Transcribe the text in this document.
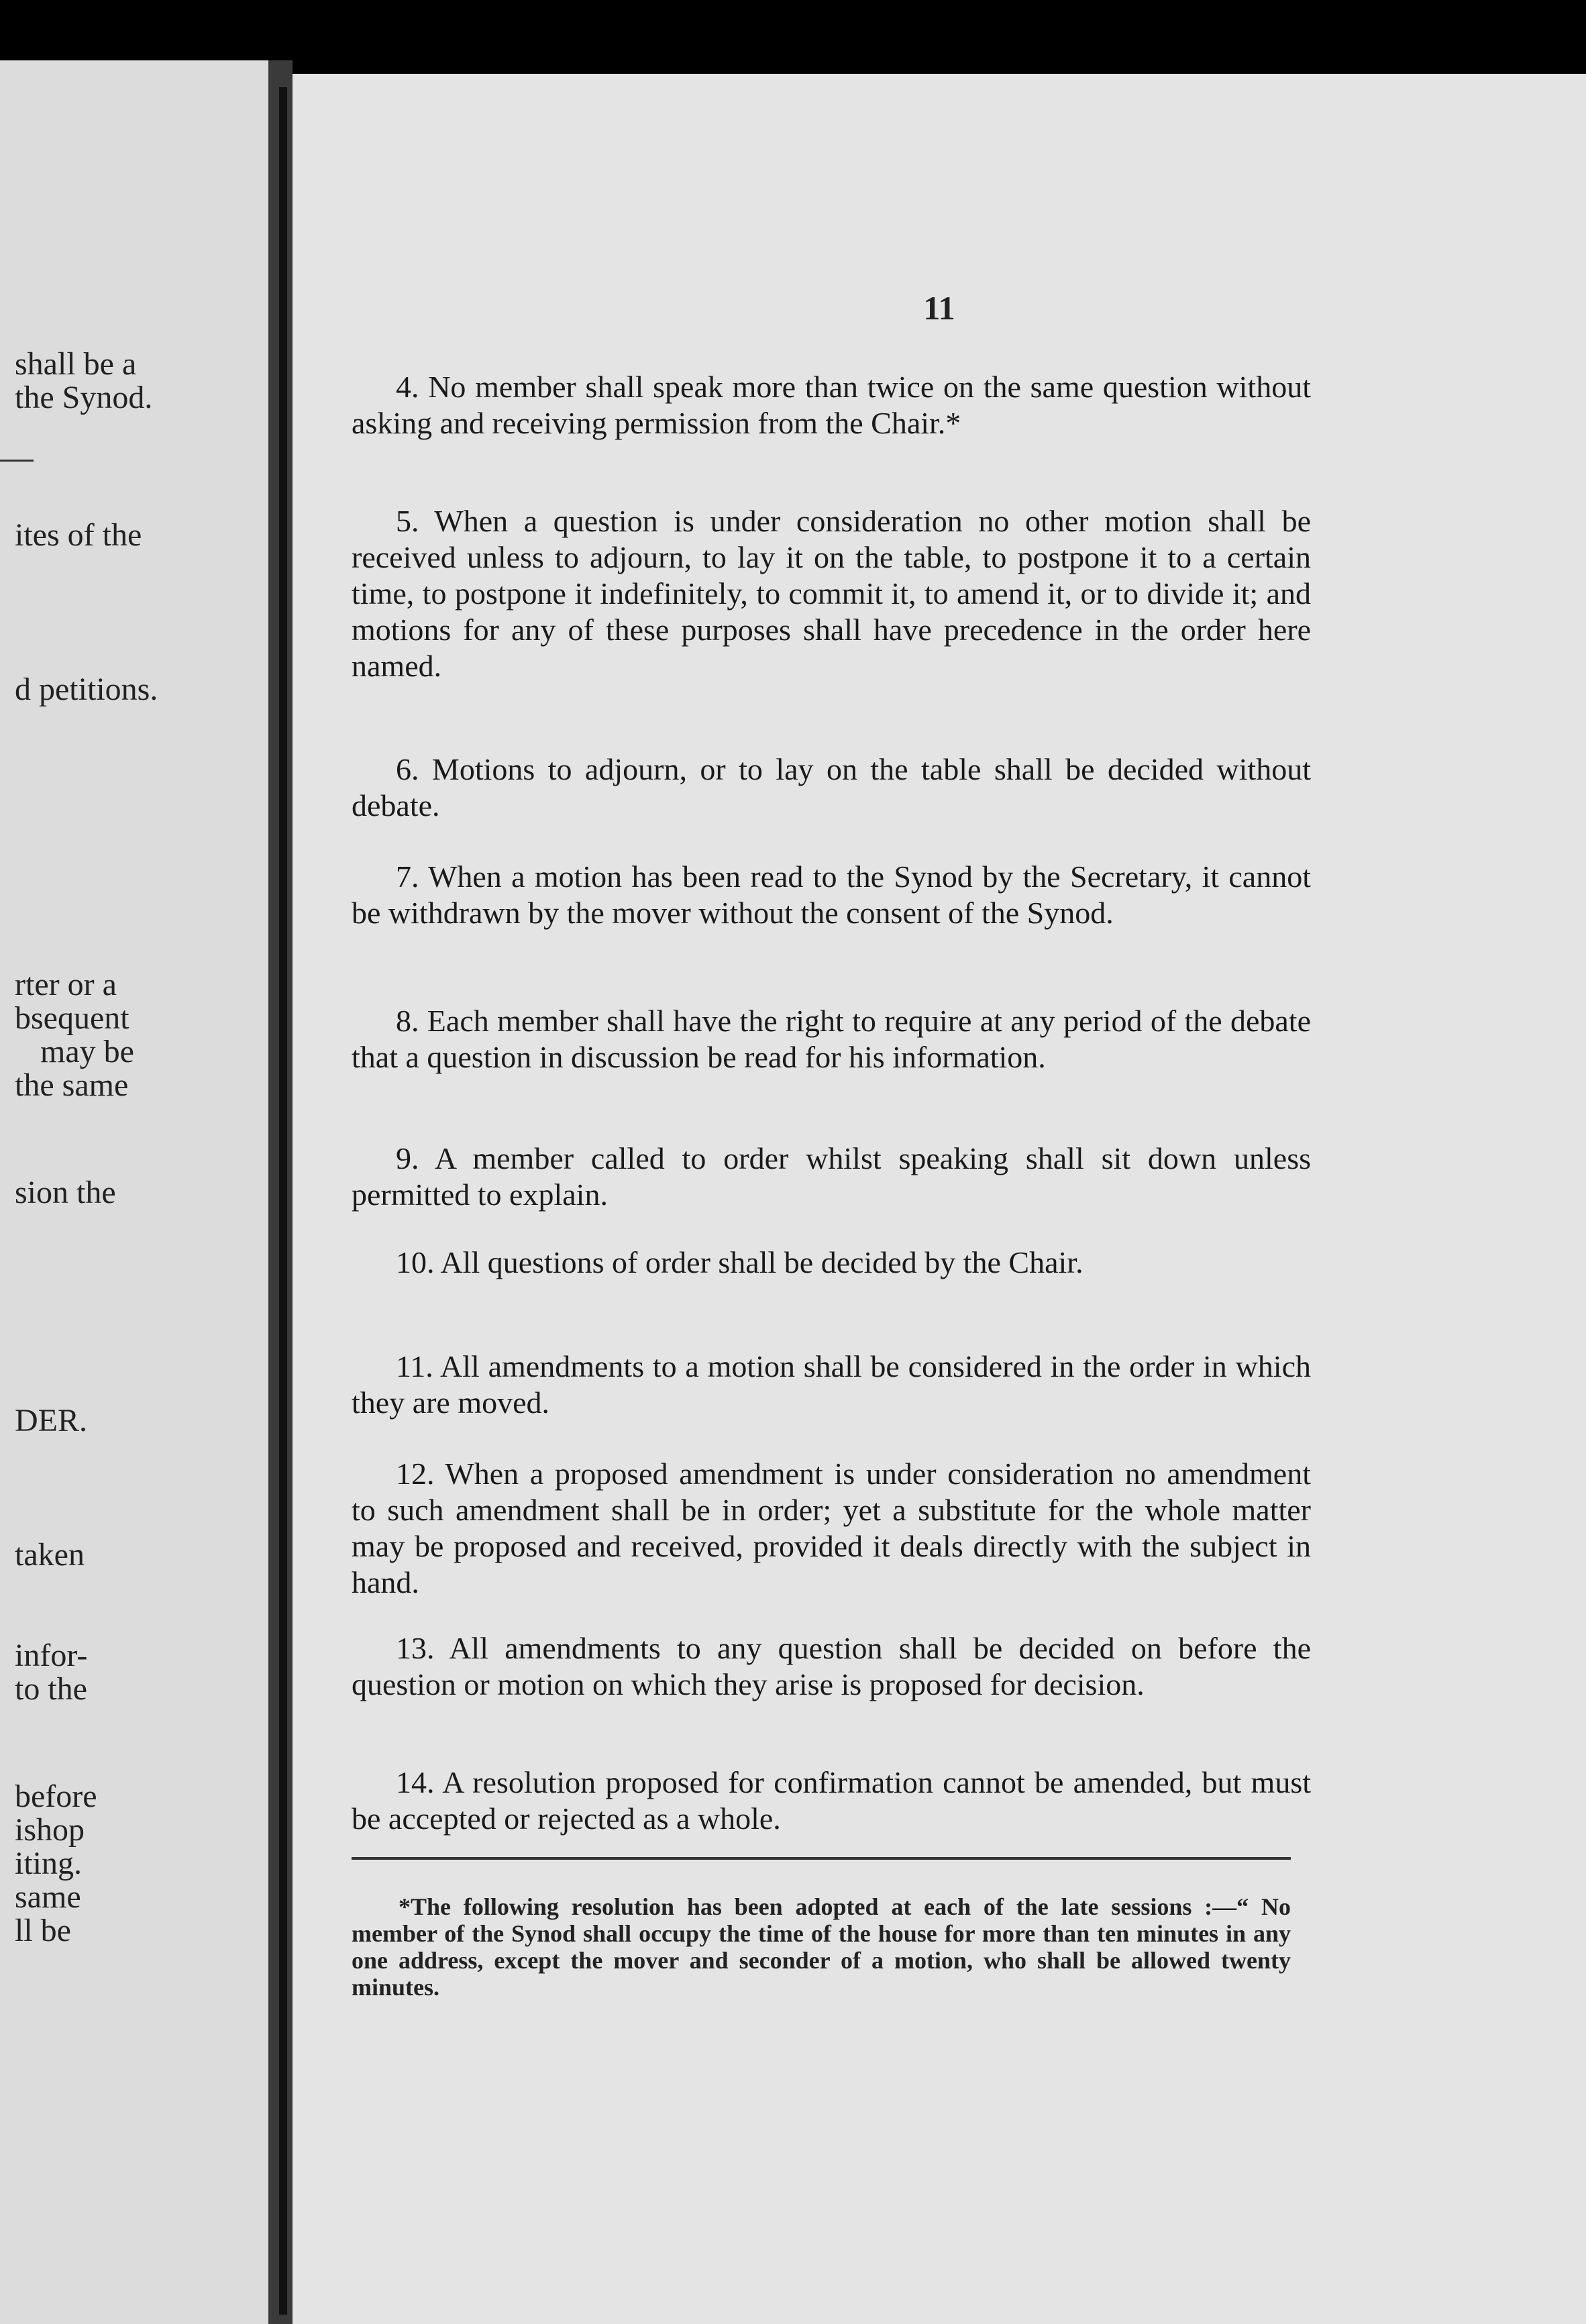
shall be a
the Synod.
ites of the
d petitions.
rter or a
bsequent
may be
the same
sion the
DER.
taken
infor-
to the
before
ishop
iting.
same
ll be
11

4. No member shall speak more than twice on the same question without asking and receiving permission from the Chair.*

5. When a question is under consideration no other motion shall be received unless to adjourn, to lay it on the table, to postpone it to a certain time, to postpone it indefinitely, to commit it, to amend it, or to divide it; and motions for any of these purposes shall have precedence in the order here named.

6. Motions to adjourn, or to lay on the table shall be decided without debate.

7. When a motion has been read to the Synod by the Secretary, it cannot be withdrawn by the mover without the consent of the Synod.

8. Each member shall have the right to require at any period of the debate that a question in discussion be read for his information.

9. A member called to order whilst speaking shall sit down unless permitted to explain.

10. All questions of order shall be decided by the Chair.

11. All amendments to a motion shall be considered in the order in which they are moved.

12. When a proposed amendment is under consideration no amendment to such amendment shall be in order; yet a substitute for the whole matter may be proposed and received, provided it deals directly with the subject in hand.

13. All amendments to any question shall be decided on before the question or motion on which they arise is proposed for decision.

14. A resolution proposed for confirmation cannot be amended, but must be accepted or rejected as a whole.

*The following resolution has been adopted at each of the late sessions :—“ No member of the Synod shall occupy the time of the house for more than ten minutes in any one address, except the mover and seconder of a motion, who shall be allowed twenty minutes.
